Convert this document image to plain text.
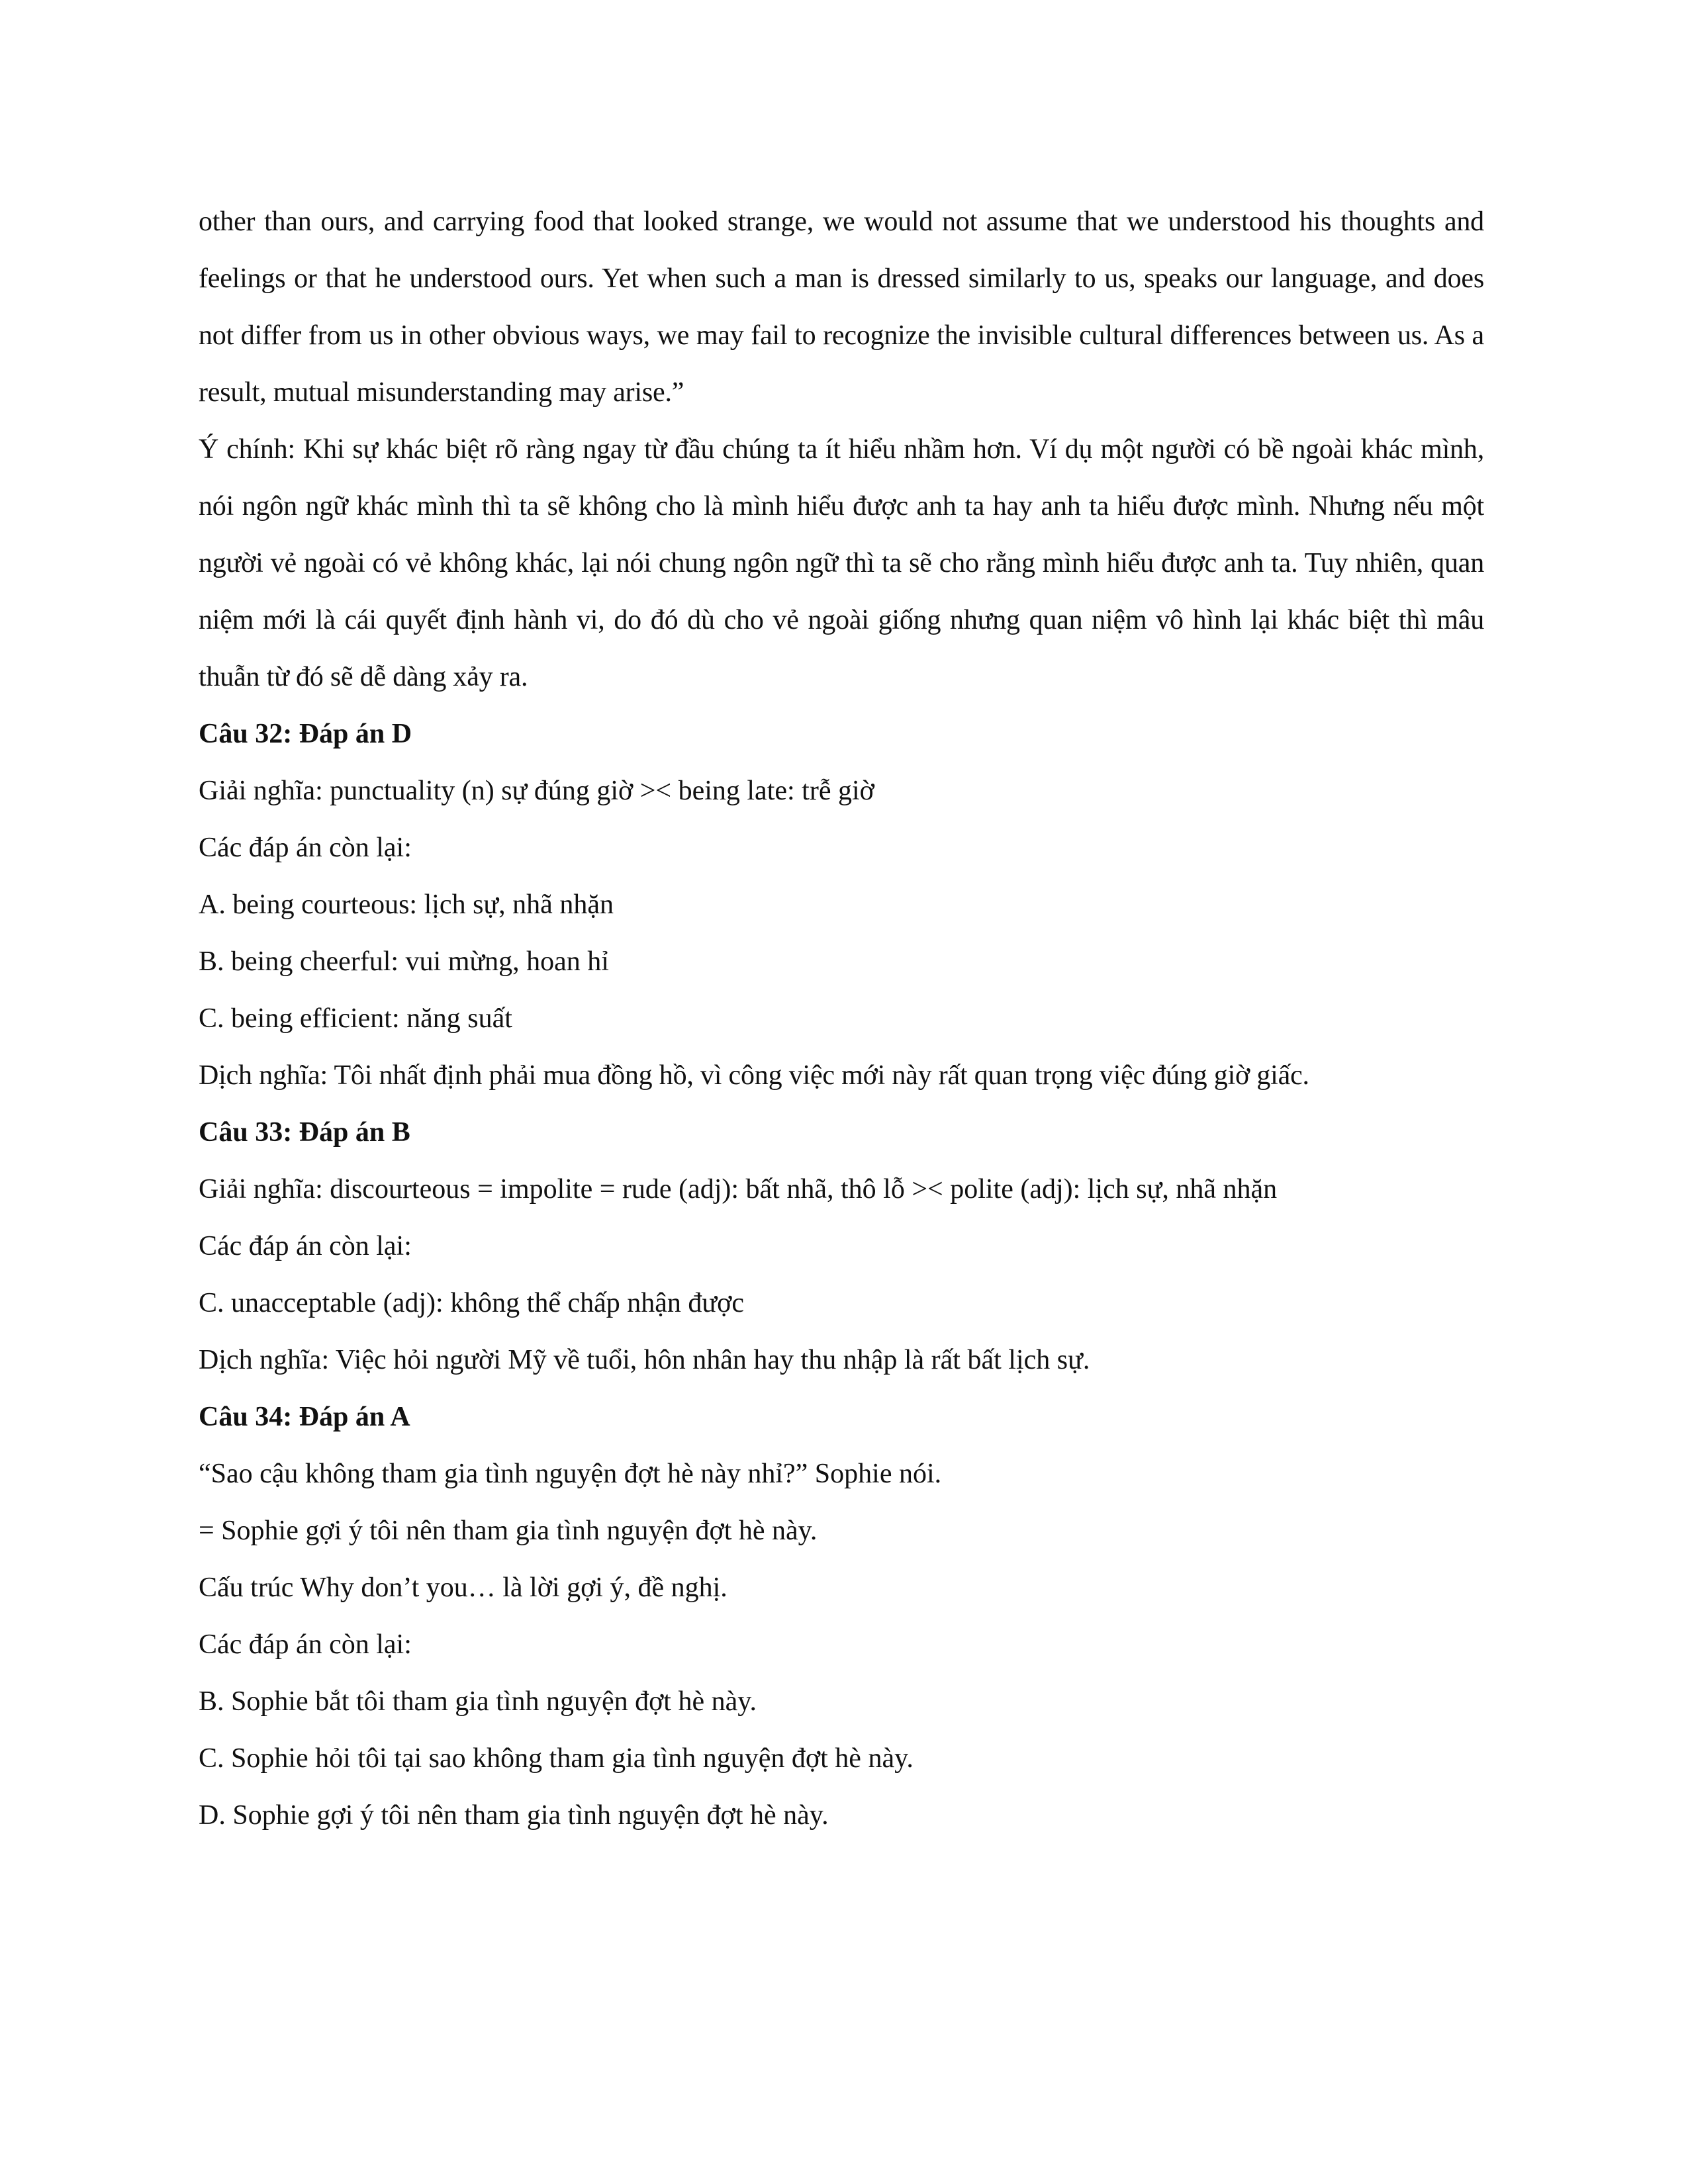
other than ours, and carrying food that looked strange, we would not assume that we understood his thoughts and feelings or that he understood ours. Yet when such a man is dressed similarly to us, speaks our language, and does not differ from us in other obvious ways, we may fail to recognize the invisible cultural differences between us. As a result, mutual misunderstanding may arise.”

Ý chính: Khi sự khác biệt rõ ràng ngay từ đầu chúng ta ít hiểu nhầm hơn. Ví dụ một người có bề ngoài khác mình, nói ngôn ngữ khác mình thì ta sẽ không cho là mình hiểu được anh ta hay anh ta hiểu được mình. Nhưng nếu một người vẻ ngoài có vẻ không khác, lại nói chung ngôn ngữ thì ta sẽ cho rằng mình hiểu được anh ta. Tuy nhiên, quan niệm mới là cái quyết định hành vi, do đó dù cho vẻ ngoài giống nhưng quan niệm vô hình lại khác biệt thì mâu thuẫn từ đó sẽ dễ dàng xảy ra.

Câu 32: Đáp án D

Giải nghĩa: punctuality (n) sự đúng giờ >< being late: trễ giờ

Các đáp án còn lại:

A. being courteous: lịch sự, nhã nhặn

B. being cheerful: vui mừng, hoan hỉ

C. being efficient: năng suất

Dịch nghĩa: Tôi nhất định phải mua đồng hồ, vì công việc mới này rất quan trọng việc đúng giờ giấc.

Câu 33: Đáp án B

Giải nghĩa: discourteous = impolite = rude (adj): bất nhã, thô lỗ >< polite (adj): lịch sự, nhã nhặn

Các đáp án còn lại:

C. unacceptable (adj): không thể chấp nhận được

Dịch nghĩa: Việc hỏi người Mỹ về tuổi, hôn nhân hay thu nhập là rất bất lịch sự.

Câu 34: Đáp án A

“Sao cậu không tham gia tình nguyện đợt hè này nhỉ?” Sophie nói.

= Sophie gợi ý tôi nên tham gia tình nguyện đợt hè này.

Cấu trúc Why don’t you… là lời gợi ý, đề nghị.

Các đáp án còn lại:

B. Sophie bắt tôi tham gia tình nguyện đợt hè này.

C. Sophie hỏi tôi tại sao không tham gia tình nguyện đợt hè này.

D. Sophie gợi ý tôi nên tham gia tình nguyện đợt hè này.
